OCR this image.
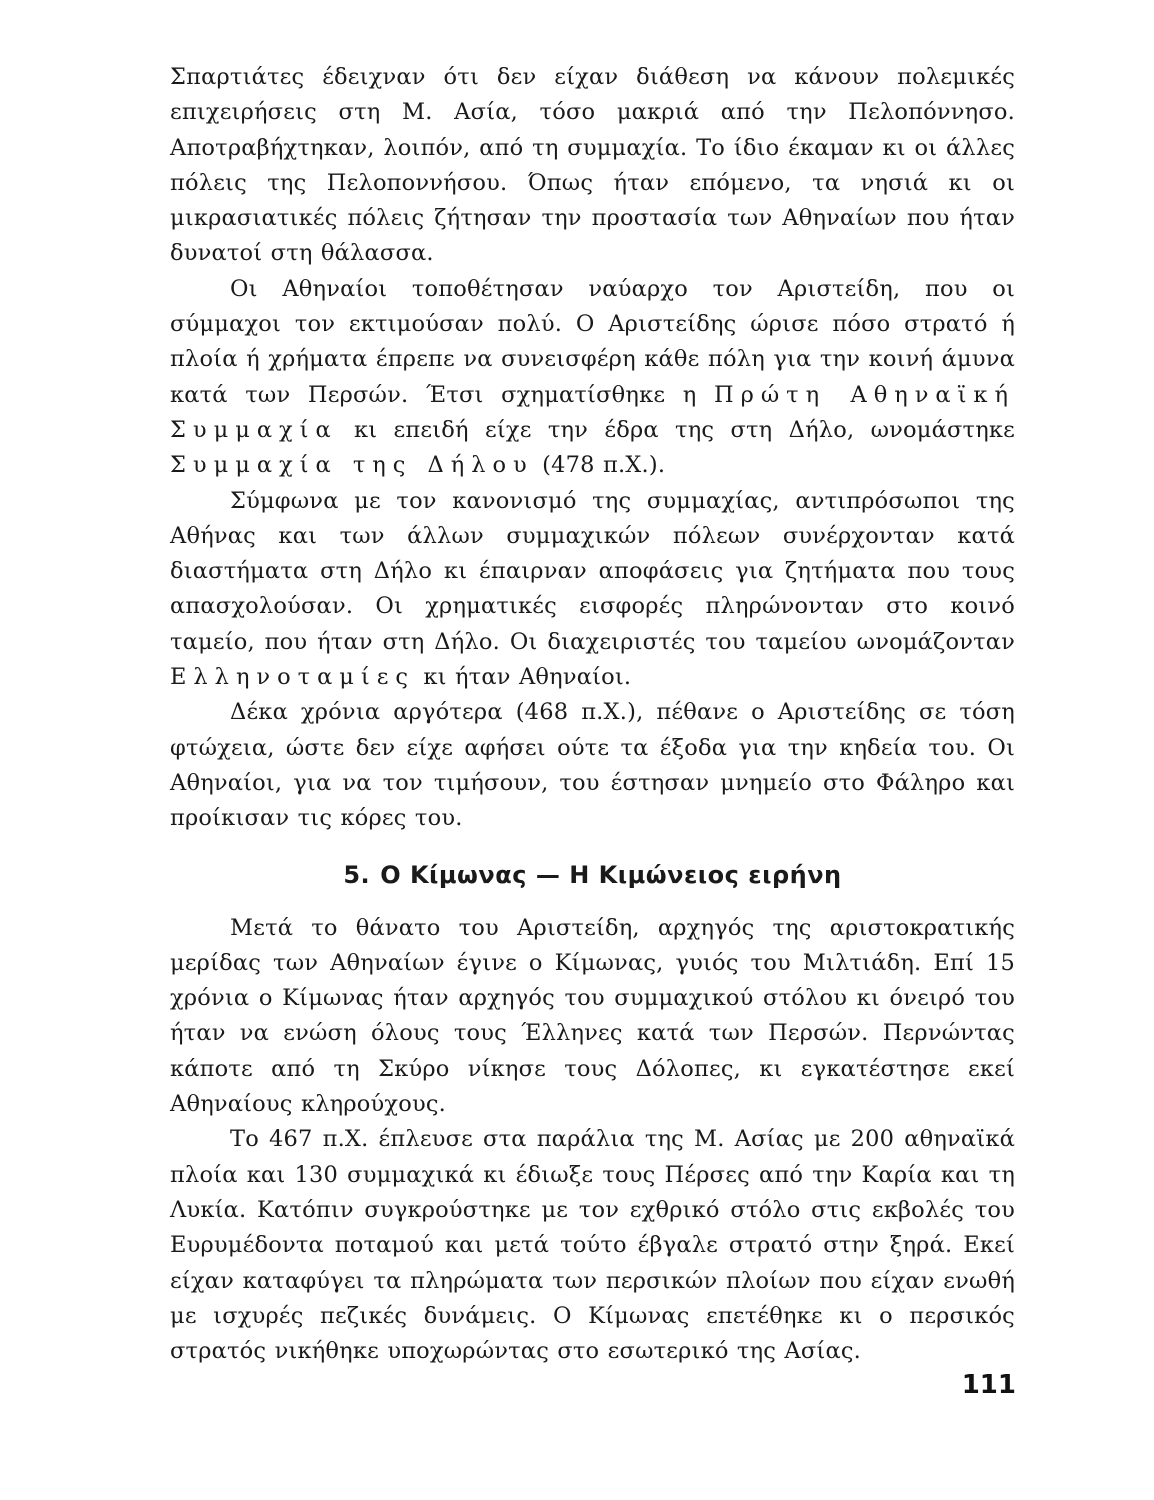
Σπαρτιάτες έδειχναν ότι δεν είχαν διάθεση να κάνουν πολεμικές επιχειρήσεις στη Μ. Ασία, τόσο μακριά από την Πελοπόννησο. Αποτραβήχτηκαν, λοιπόν, από τη συμμαχία. Το ίδιο έκαμαν κι οι άλλες πόλεις της Πελοποννήσου. Όπως ήταν επόμενο, τα νησιά κι οι μικρασιατικές πόλεις ζήτησαν την προστασία των Αθηναίων που ήταν δυνατοί στη θάλασσα.

Οι Αθηναίοι τοποθέτησαν ναύαρχο τον Αριστείδη, που οι σύμμαχοι τον εκτιμούσαν πολύ. Ο Αριστείδης ώρισε πόσο στρατό ή πλοία ή χρήματα έπρεπε να συνεισφέρη κάθε πόλη για την κοινή άμυνα κατά των Περσών. Έτσι σχηματίσθηκε η Πρώτη Αθηναϊκή Συμμαχία κι επειδή είχε την έδρα της στη Δήλο, ωνομάστηκε Συμμαχία της Δήλου (478 π.Χ.).

Σύμφωνα με τον κανονισμό της συμμαχίας, αντιπρόσωποι της Αθήνας και των άλλων συμμαχικών πόλεων συνέρχονταν κατά διαστήματα στη Δήλο κι έπαιρναν αποφάσεις για ζητήματα που τους απασχολούσαν. Οι χρηματικές εισφορές πληρώνονταν στο κοινό ταμείο, που ήταν στη Δήλο. Οι διαχειριστές του ταμείου ωνομάζονταν Ελληνοταμίες κι ήταν Αθηναίοι.

Δέκα χρόνια αργότερα (468 π.Χ.), πέθανε ο Αριστείδης σε τόση φτώχεια, ώστε δεν είχε αφήσει ούτε τα έξοδα για την κηδεία του. Οι Αθηναίοι, για να τον τιμήσουν, του έστησαν μνημείο στο Φάληρο και προίκισαν τις κόρες του.

5. Ο Κίμωνας — Η Κιμώνειος ειρήνη

Μετά το θάνατο του Αριστείδη, αρχηγός της αριστοκρατικής μερίδας των Αθηναίων έγινε ο Κίμωνας, γυιός του Μιλτιάδη. Επί 15 χρόνια ο Κίμωνας ήταν αρχηγός του συμμαχικού στόλου κι όνειρό του ήταν να ενώση όλους τους Έλληνες κατά των Περσών. Περνώντας κάποτε από τη Σκύρο νίκησε τους Δόλοπες, κι εγκατέστησε εκεί Αθηναίους κληρούχους.

Το 467 π.Χ. έπλευσε στα παράλια της Μ. Ασίας με 200 αθηναϊκά πλοία και 130 συμμαχικά κι έδιωξε τους Πέρσες από την Καρία και τη Λυκία. Κατόπιν συγκρούστηκε με τον εχθρικό στόλο στις εκβολές του Ευρυμέδοντα ποταμού και μετά τούτο έβγαλε στρατό στην ξηρά. Εκεί είχαν καταφύγει τα πληρώματα των περσικών πλοίων που είχαν ενωθή με ισχυρές πεζικές δυνάμεις. Ο Κίμωνας επετέθηκε κι ο περσικός στρατός νικήθηκε υποχωρώντας στο εσωτερικό της Ασίας.

111
